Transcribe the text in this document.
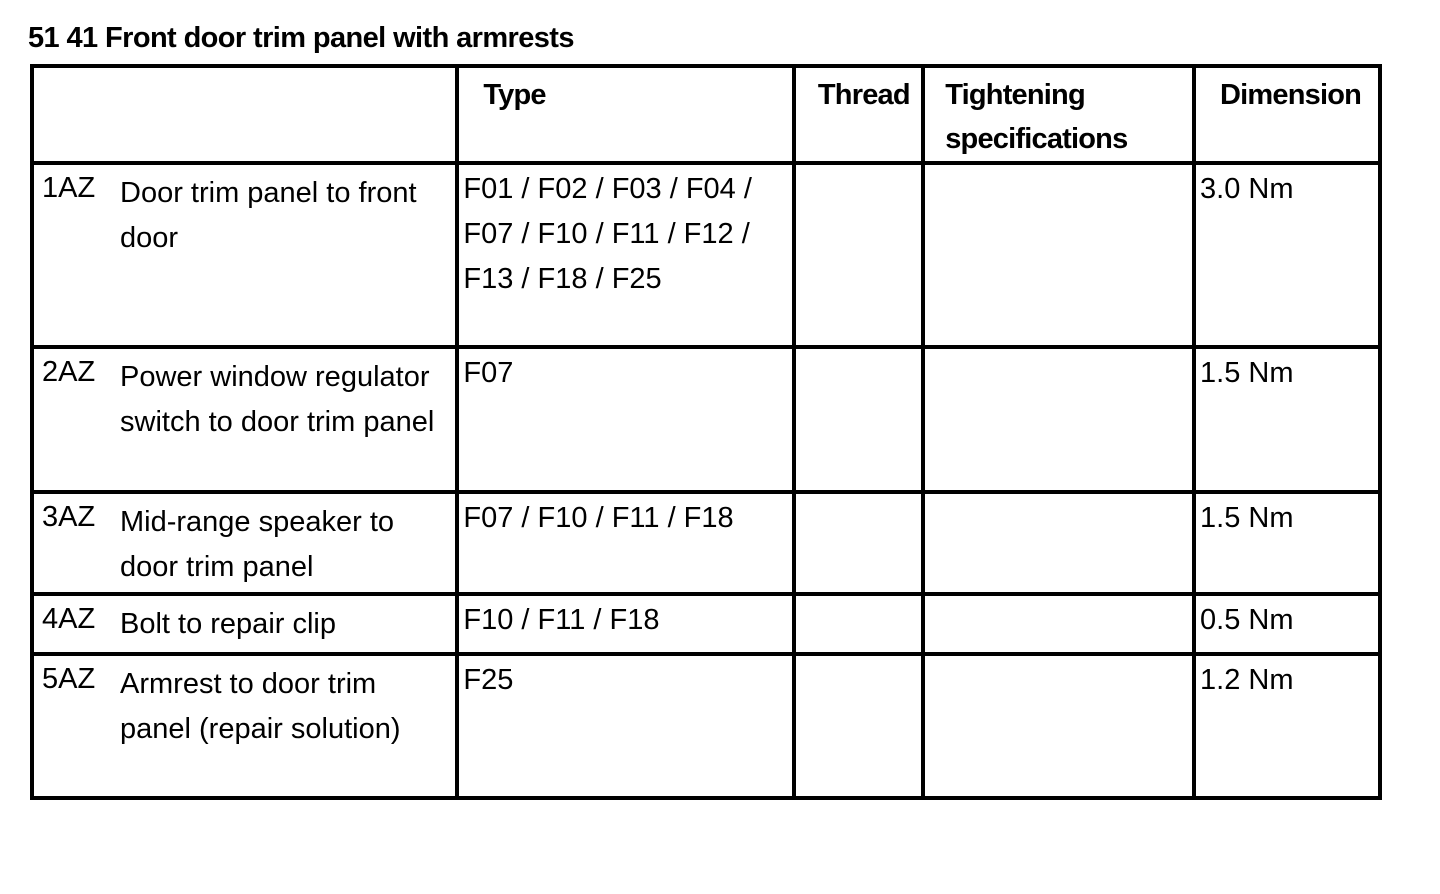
51 41 Front door trim panel with armrests

	Type	Thread	Tightening specifications	Dimension

1AZ Door trim panel to front door	F01 / F02 / F03 / F04 / F07 / F10 / F11 / F12 / F13 / F18 / F25			3.0 Nm

2AZ Power window regulator switch to door trim panel	F07			1.5 Nm

3AZ Mid-range speaker to door trim panel	F07 / F10 / F11 / F18			1.5 Nm

4AZ Bolt to repair clip	F10 / F11 / F18			0.5 Nm

5AZ Armrest to door trim panel (repair solution)	F25			1.2 Nm
